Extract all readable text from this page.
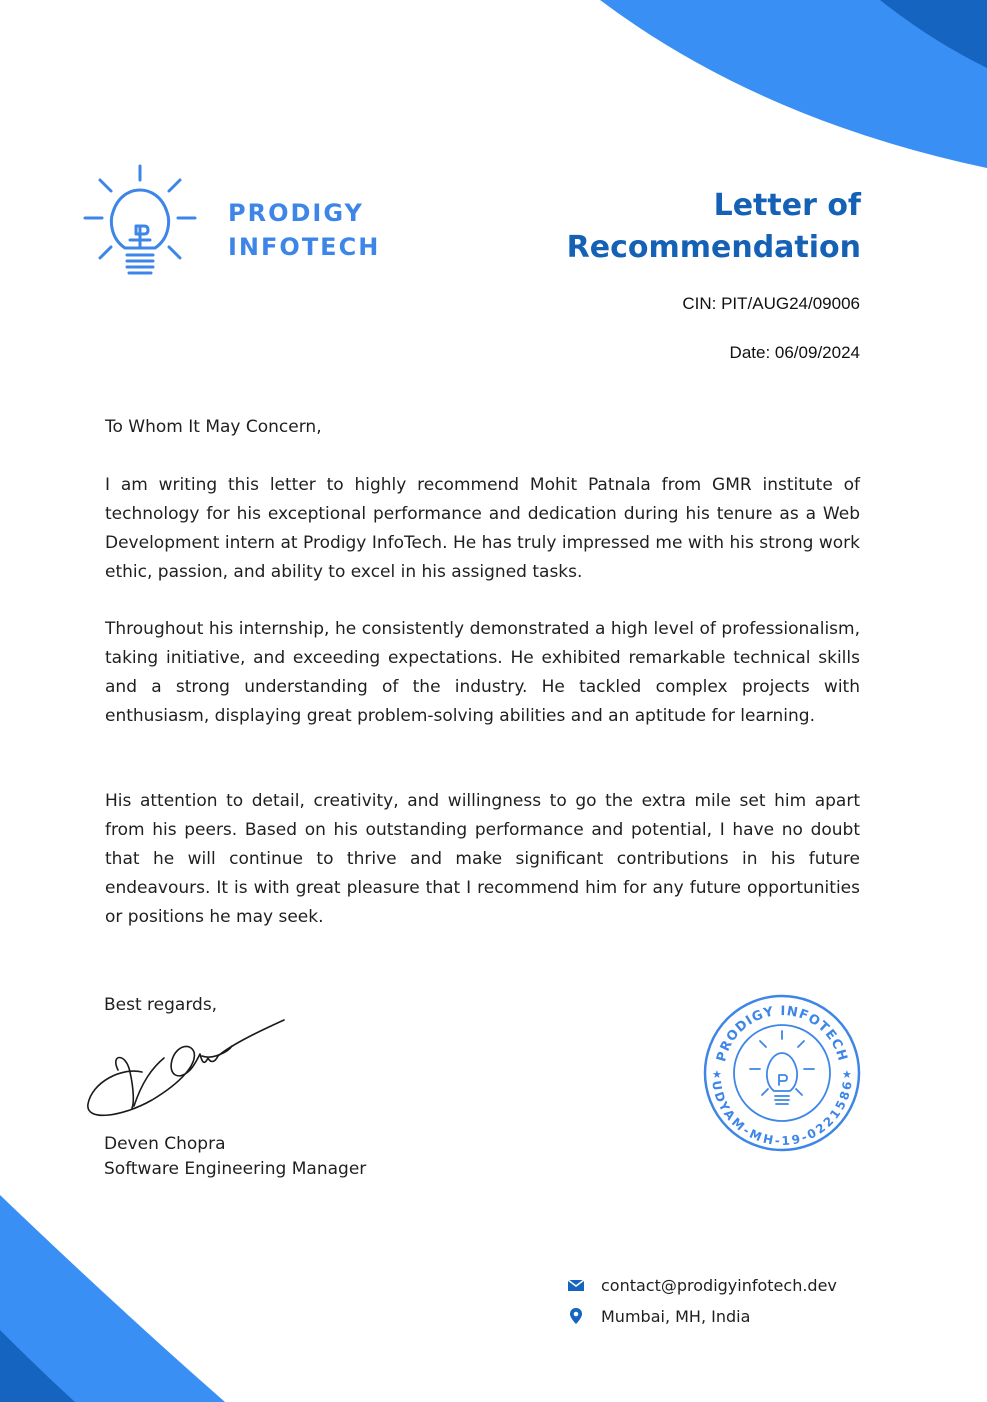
PRODIGY
INFOTECH
Letter of
Recommendation
CIN: PIT/AUG24/09006
Date: 06/09/2024

To Whom It May Concern,

I am writing this letter to highly recommend Mohit Patnala from GMR institute of technology for his exceptional performance and dedication during his tenure as a Web Development intern at Prodigy InfoTech. He has truly impressed me with his strong work ethic, passion, and ability to excel in his assigned tasks.

Throughout his internship, he consistently demonstrated a high level of professionalism, taking initiative, and exceeding expectations. He exhibited remarkable technical skills and a strong understanding of the industry. He tackled complex projects with enthusiasm, displaying great problem-solving abilities and an aptitude for learning.

His attention to detail, creativity, and willingness to go the extra mile set him apart from his peers. Based on his outstanding performance and potential, I have no doubt that he will continue to thrive and make significant contributions in his future endeavours. It is with great pleasure that I recommend him for any future opportunities or positions he may seek.

Best regards,
Deven Chopra
Software Engineering Manager
PRODIGY INFOTECH
UDYAM-MH-19-0221586
★	★
contact@prodigyinfotech.dev
Mumbai, MH, India
